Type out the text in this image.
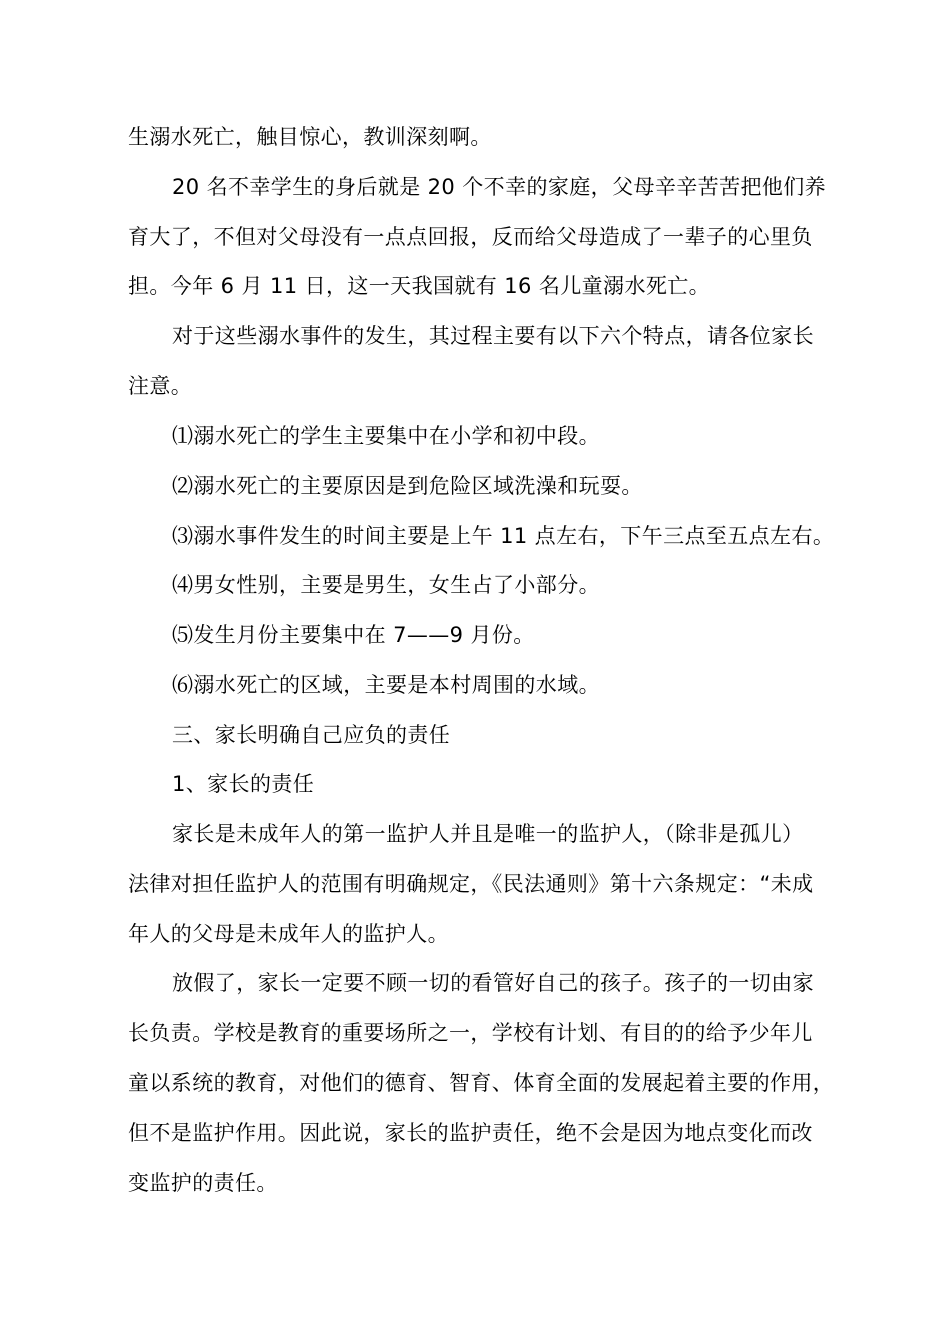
生溺水死亡，触目惊心，教训深刻啊。
20 名不幸学生的身后就是 20 个不幸的家庭，父母辛辛苦苦把他们养
育大了，不但对父母没有一点点回报，反而给父母造成了一辈子的心里负
担。今年 6 月 11 日，这一天我国就有 16 名儿童溺水死亡。
对于这些溺水事件的发生，其过程主要有以下六个特点，请各位家长
注意。
⑴溺水死亡的学生主要集中在小学和初中段。
⑵溺水死亡的主要原因是到危险区域洗澡和玩耍。
⑶溺水事件发生的时间主要是上午 11 点左右，下午三点至五点左右。
⑷男女性别，主要是男生，女生占了小部分。
⑸发生月份主要集中在 7——9 月份。
⑹溺水死亡的区域，主要是本村周围的水域。
三、家长明确自己应负的责任
1、家长的责任
家长是未成年人的第一监护人并且是唯一的监护人，（除非是孤儿）
法律对担任监护人的范围有明确规定，《民法通则》第十六条规定：“未成
年人的父母是未成年人的监护人。
放假了，家长一定要不顾一切的看管好自己的孩子。孩子的一切由家
长负责。学校是教育的重要场所之一，学校有计划、有目的的给予少年儿
童以系统的教育，对他们的德育、智育、体育全面的发展起着主要的作用，
但不是监护作用。因此说，家长的监护责任，绝不会是因为地点变化而改
变监护的责任。
